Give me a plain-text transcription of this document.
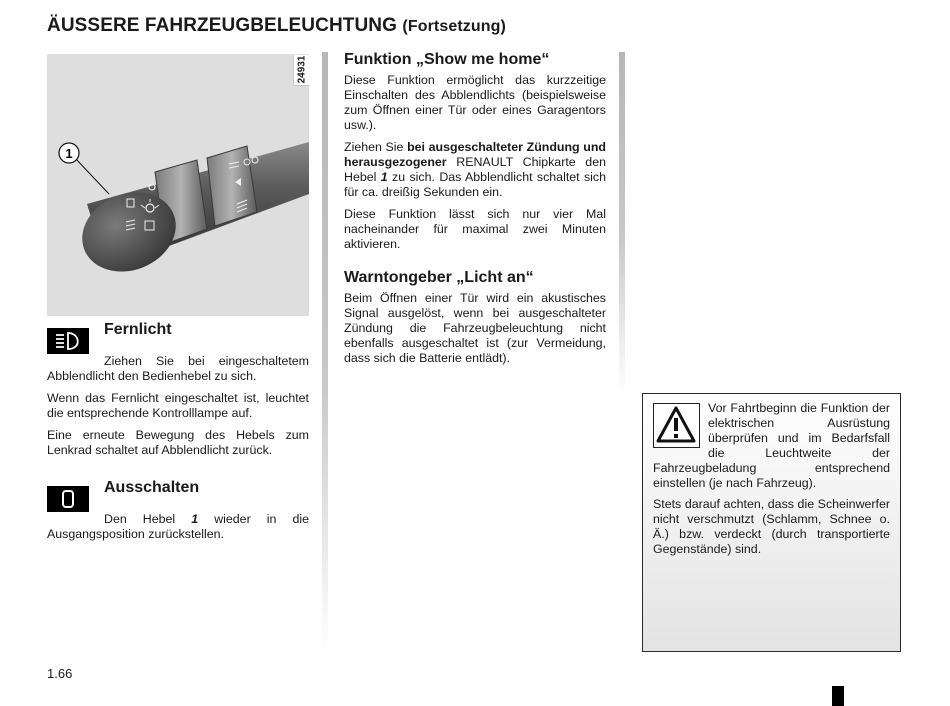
ÄUSSERE FAHRZEUGBELEUCHTUNG (Fortsetzung)
1
24931
Fernlicht

Ziehen Sie bei eingeschaltetem Abblendlicht den Bedienhebel zu sich.

Wenn das Fernlicht eingeschaltet ist, leuchtet die entsprechende Kontrolllampe auf.

Eine erneute Bewegung des Hebels zum Lenkrad schaltet auf Abblendlicht zurück.

Ausschalten

Den Hebel 1 wieder in die Ausgangsposition zurückstellen.

Funktion „Show me home“

Diese Funktion ermöglicht das kurzzeitige Einschalten des Abblendlichts (beispielsweise zum Öffnen einer Tür oder eines Garagentors usw.).

Ziehen Sie bei ausgeschalteter Zündung und herausgezogener RENAULT Chipkarte den Hebel 1 zu sich. Das Abblendlicht schaltet sich für ca. dreißig Sekunden ein.

Diese Funktion lässt sich nur vier Mal nacheinander für maximal zwei Minuten aktivieren.

Warntongeber „Licht an“

Beim Öffnen einer Tür wird ein akustisches Signal ausgelöst, wenn bei ausgeschalteter Zündung die Fahrzeugbeleuchtung nicht ebenfalls ausgeschaltet ist (zur Vermeidung, dass sich die Batterie entlädt).

Vor Fahrtbeginn die Funktion der elektrischen Ausrüstung überprüfen und im Bedarfsfall die Leuchtweite der Fahrzeugbeladung entsprechend einstellen (je nach Fahrzeug).

Stets darauf achten, dass die Scheinwerfer nicht verschmutzt (Schlamm, Schnee o. Ä.) bzw. verdeckt (durch transportierte Gegenstände) sind.

1.66
